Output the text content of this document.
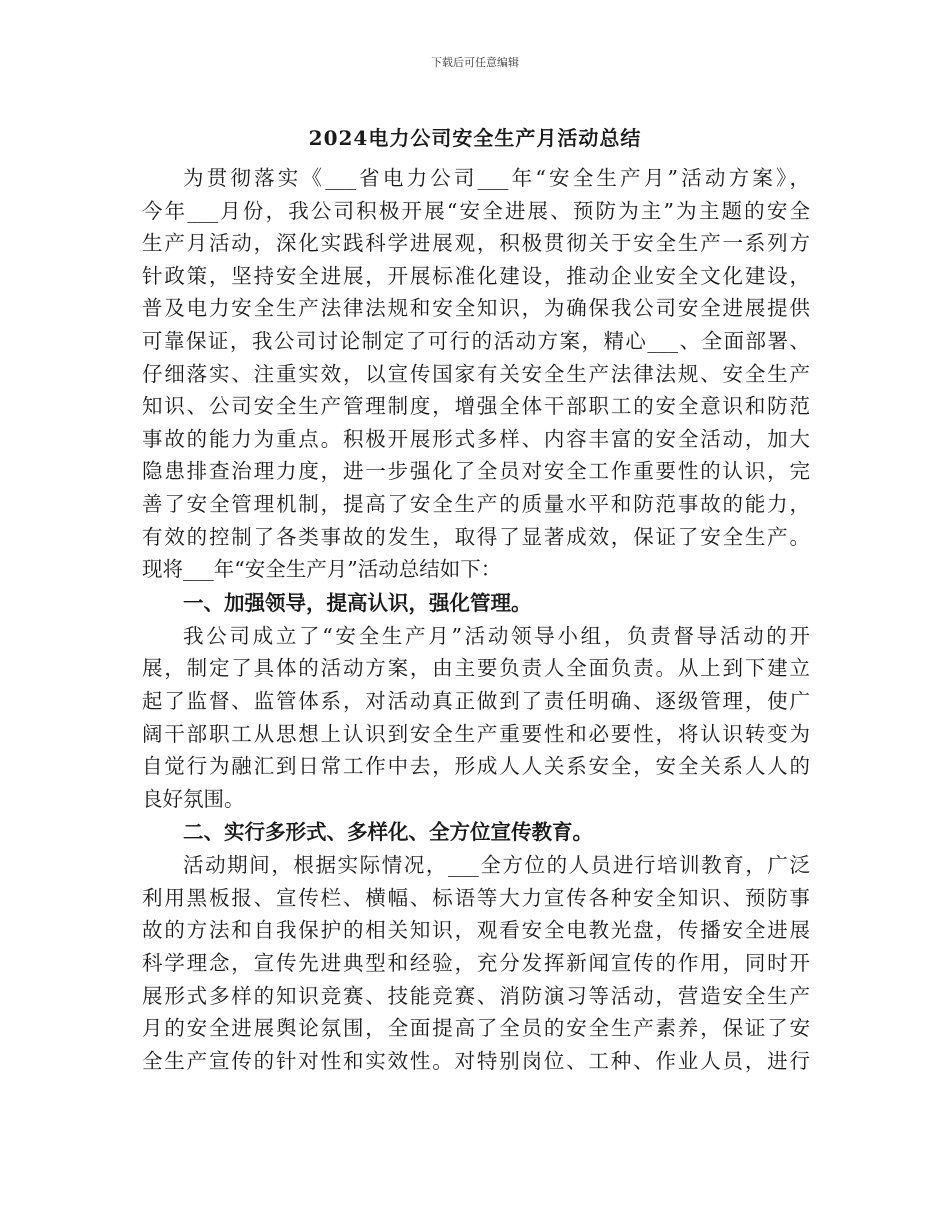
下载后可任意编辑
2024电力公司安全生产月活动总结
为贯彻落实《___省电力公司___年“安全生产月”活动方案》，
今年___月份，我公司积极开展“安全进展、预防为主”为主题的安全
生产月活动，深化实践科学进展观，积极贯彻关于安全生产一系列方
针政策，坚持安全进展，开展标准化建设，推动企业安全文化建设，
普及电力安全生产法律法规和安全知识，为确保我公司安全进展提供
可靠保证，我公司讨论制定了可行的活动方案，精心___、全面部署、
仔细落实、注重实效，以宣传国家有关安全生产法律法规、安全生产
知识、公司安全生产管理制度，增强全体干部职工的安全意识和防范
事故的能力为重点。积极开展形式多样、内容丰富的安全活动，加大
隐患排查治理力度，进一步强化了全员对安全工作重要性的认识，完
善了安全管理机制，提高了安全生产的质量水平和防范事故的能力，
有效的控制了各类事故的发生，取得了显著成效，保证了安全生产。
现将___年“安全生产月”活动总结如下：
一、加强领导，提高认识，强化管理。
我公司成立了“安全生产月”活动领导小组，负责督导活动的开
展，制定了具体的活动方案，由主要负责人全面负责。从上到下建立
起了监督、监管体系，对活动真正做到了责任明确、逐级管理，使广
阔干部职工从思想上认识到安全生产重要性和必要性，将认识转变为
自觉行为融汇到日常工作中去，形成人人关系安全，安全关系人人的
良好氛围。
二、实行多形式、多样化、全方位宣传教育。
活动期间，根据实际情况，___全方位的人员进行培训教育，广泛
利用黑板报、宣传栏、横幅、标语等大力宣传各种安全知识、预防事
故的方法和自我保护的相关知识，观看安全电教光盘，传播安全进展
科学理念，宣传先进典型和经验，充分发挥新闻宣传的作用，同时开
展形式多样的知识竞赛、技能竞赛、消防演习等活动，营造安全生产
月的安全进展舆论氛围，全面提高了全员的安全生产素养，保证了安
全生产宣传的针对性和实效性。对特别岗位、工种、作业人员，进行
